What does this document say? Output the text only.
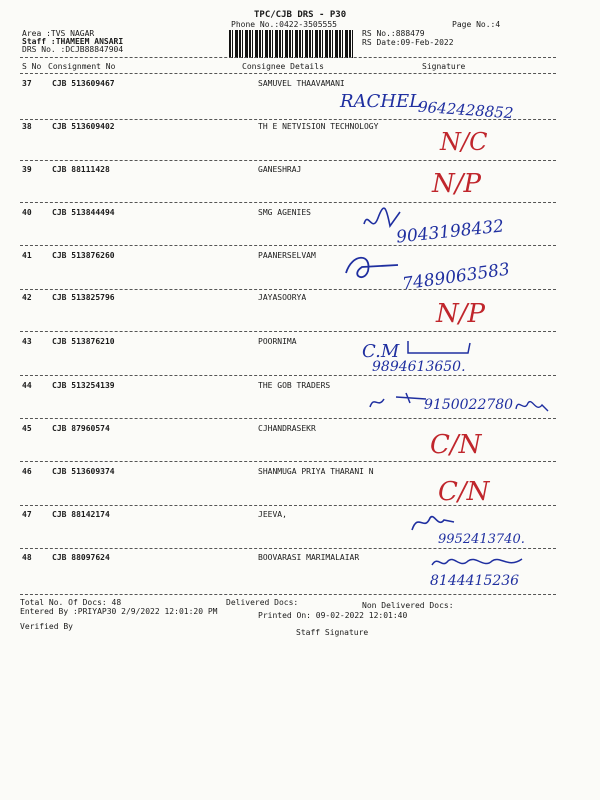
TPC/CJB DRS - P30
Phone No.:0422-3505555	Page No.:4
Area :TVS NAGAR
Staff :THAMEEM ANSARI
DRS No. :DCJB88847904
RS No.:888479
RS Date:09-Feb-2022
S No Consignment No	Consignee Details	Signature
37	CJB 513609467	SAMUVEL THAAVAMANI
RACHEL
9642428852
38	CJB 513609402	TH E NETVISION TECHNOLOGY
N/C
39	CJB 88111428	GANESHRAJ	N/P
40	CJB 513844494	SMG AGENIES
9043198432
41	CJB 513876260	PAANERSELVAM
7489063583
42	CJB 513825796	JAYASOORYA
N/P
43	CJB 513876210	POORNIMA	C.M
9894613650.
44	CJB 513254139	THE GOB TRADERS
9150022780
45	CJB 87960574	CJHANDRASEKR
C/N
46	CJB 513609374	SHANMUGA PRIYA THARANI N
C/N
47	CJB 88142174	JEEVA,
9952413740.
48	CJB 88097624	BOOVARASI MARIMALAIAR
8144415236
Total No. Of Docs: 48	Delivered Docs:	Non Delivered Docs:
Entered By :PRIYAP30 2/9/2022 12:01:20 PM	Printed On: 09-02-2022 12:01:40
Verified By
Staff Signature
